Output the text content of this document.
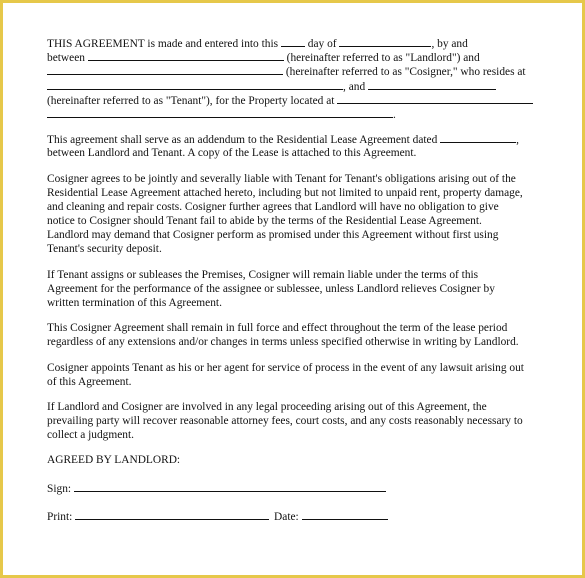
THIS AGREEMENT is made and entered into this	day of	, by and
between	(hereinafter referred to as "Landlord") and
(hereinafter referred to as "Cosigner," who resides at
, and
(hereinafter referred to as "Tenant"), for the Property located at
.
This agreement shall serve as an addendum to the Residential Lease Agreement dated	,
between Landlord and Tenant. A copy of the Lease is attached to this Agreement.
Cosigner agrees to be jointly and severally liable with Tenant for Tenant's obligations arising out of the
Residential Lease Agreement attached hereto, including but not limited to unpaid rent, property damage,
and cleaning and repair costs. Cosigner further agrees that Landlord will have no obligation to give
notice to Cosigner should Tenant fail to abide by the terms of the Residential Lease Agreement.
Landlord may demand that Cosigner perform as promised under this Agreement without first using
Tenant's security deposit.
If Tenant assigns or subleases the Premises, Cosigner will remain liable under the terms of this
Agreement for the performance of the assignee or sublessee, unless Landlord relieves Cosigner by
written termination of this Agreement.
This Cosigner Agreement shall remain in full force and effect throughout the term of the lease period
regardless of any extensions and/or changes in terms unless specified otherwise in writing by Landlord.
Cosigner appoints Tenant as his or her agent for service of process in the event of any lawsuit arising out
of this Agreement.
If Landlord and Cosigner are involved in any legal proceeding arising out of this Agreement, the
prevailing party will recover reasonable attorney fees, court costs, and any costs reasonably necessary to
collect a judgment.
AGREED BY LANDLORD:
Sign:
Print:	Date:
